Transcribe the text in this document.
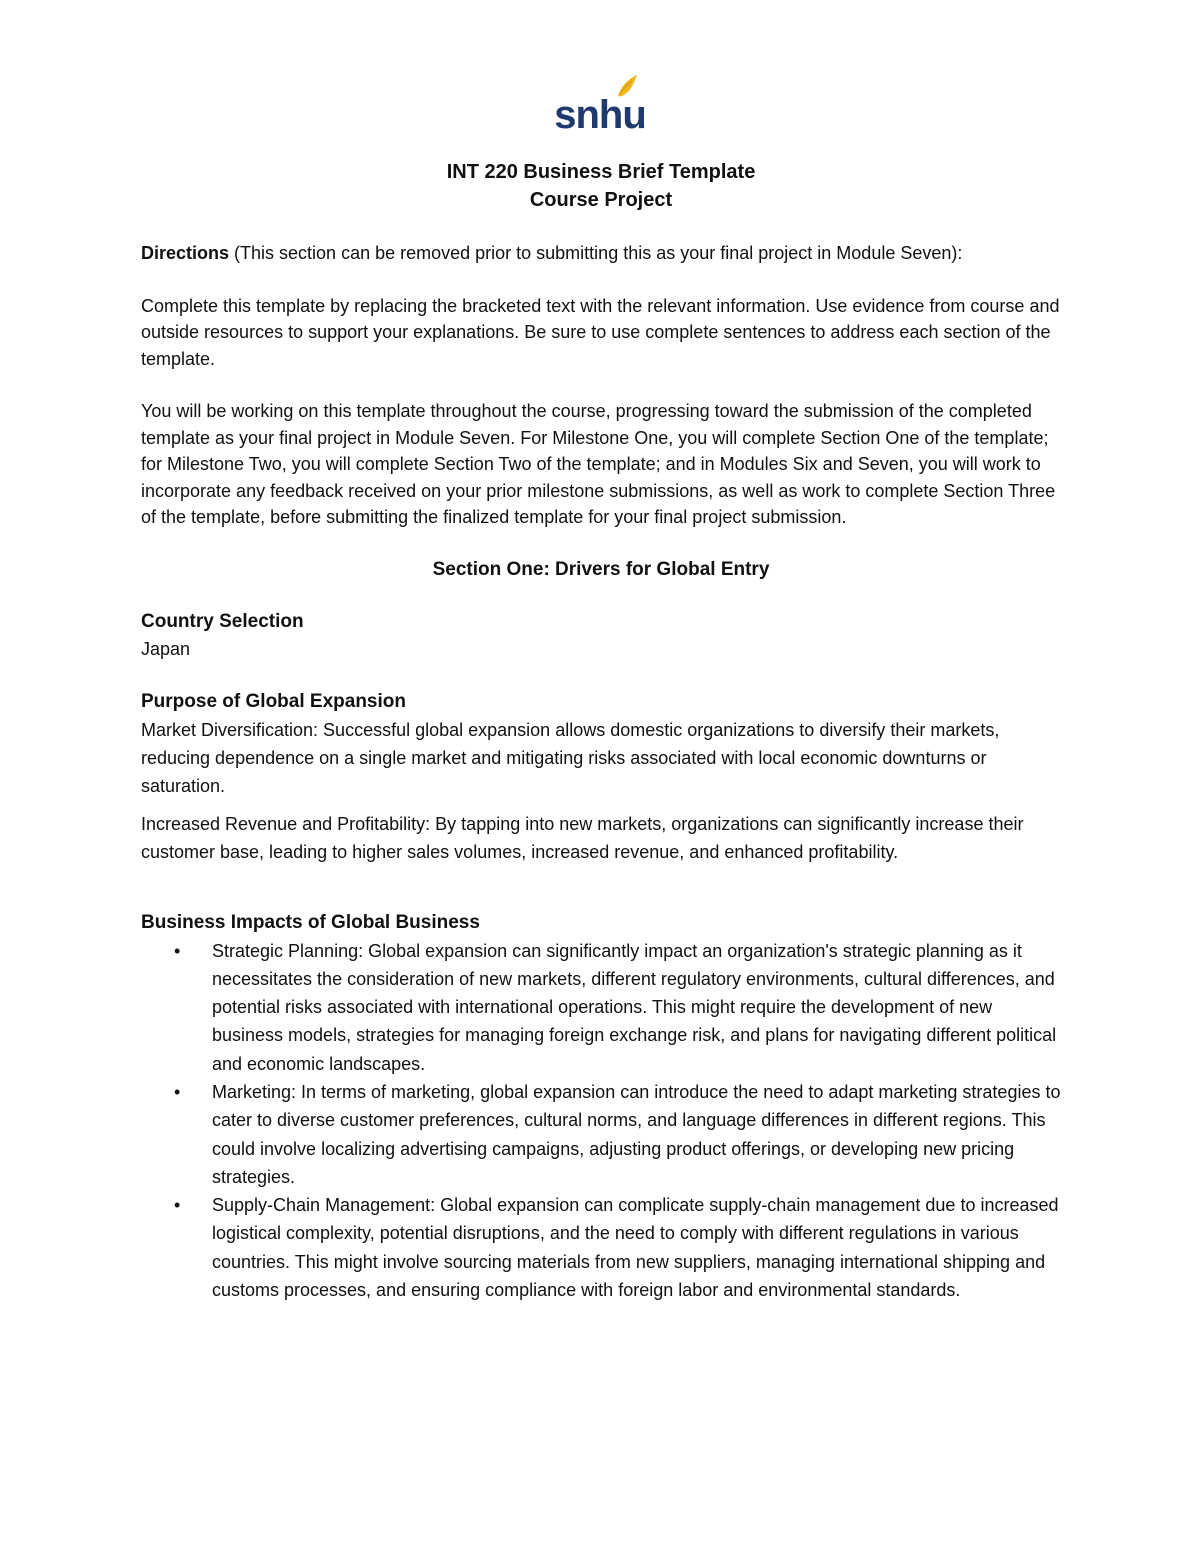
snhu

INT 220 Business Brief Template

Course Project

Directions (This section can be removed prior to submitting this as your final project in Module Seven):

Complete this template by replacing the bracketed text with the relevant information. Use evidence from course and outside resources to support your explanations. Be sure to use complete sentences to address each section of the template.

You will be working on this template throughout the course, progressing toward the submission of the completed template as your final project in Module Seven. For Milestone One, you will complete Section One of the template; for Milestone Two, you will complete Section Two of the template; and in Modules Six and Seven, you will work to incorporate any feedback received on your prior milestone submissions, as well as work to complete Section Three of the template, before submitting the finalized template for your final project submission.

Section One: Drivers for Global Entry

Country Selection

Japan

Purpose of Global Expansion

Market Diversification: Successful global expansion allows domestic organizations to diversify their markets, reducing dependence on a single market and mitigating risks associated with local economic downturns or saturation.

Increased Revenue and Profitability: By tapping into new markets, organizations can significantly increase their customer base, leading to higher sales volumes, increased revenue, and enhanced profitability.

Business Impacts of Global Business

• Strategic Planning: Global expansion can significantly impact an organization's strategic planning as it necessitates the consideration of new markets, different regulatory environments, cultural differences, and potential risks associated with international operations. This might require the development of new business models, strategies for managing foreign exchange risk, and plans for navigating different political and economic landscapes.
• Marketing: In terms of marketing, global expansion can introduce the need to adapt marketing strategies to cater to diverse customer preferences, cultural norms, and language differences in different regions. This could involve localizing advertising campaigns, adjusting product offerings, or developing new pricing strategies.
• Supply-Chain Management: Global expansion can complicate supply-chain management due to increased logistical complexity, potential disruptions, and the need to comply with different regulations in various countries. This might involve sourcing materials from new suppliers, managing international shipping and customs processes, and ensuring compliance with foreign labor and environmental standards.
